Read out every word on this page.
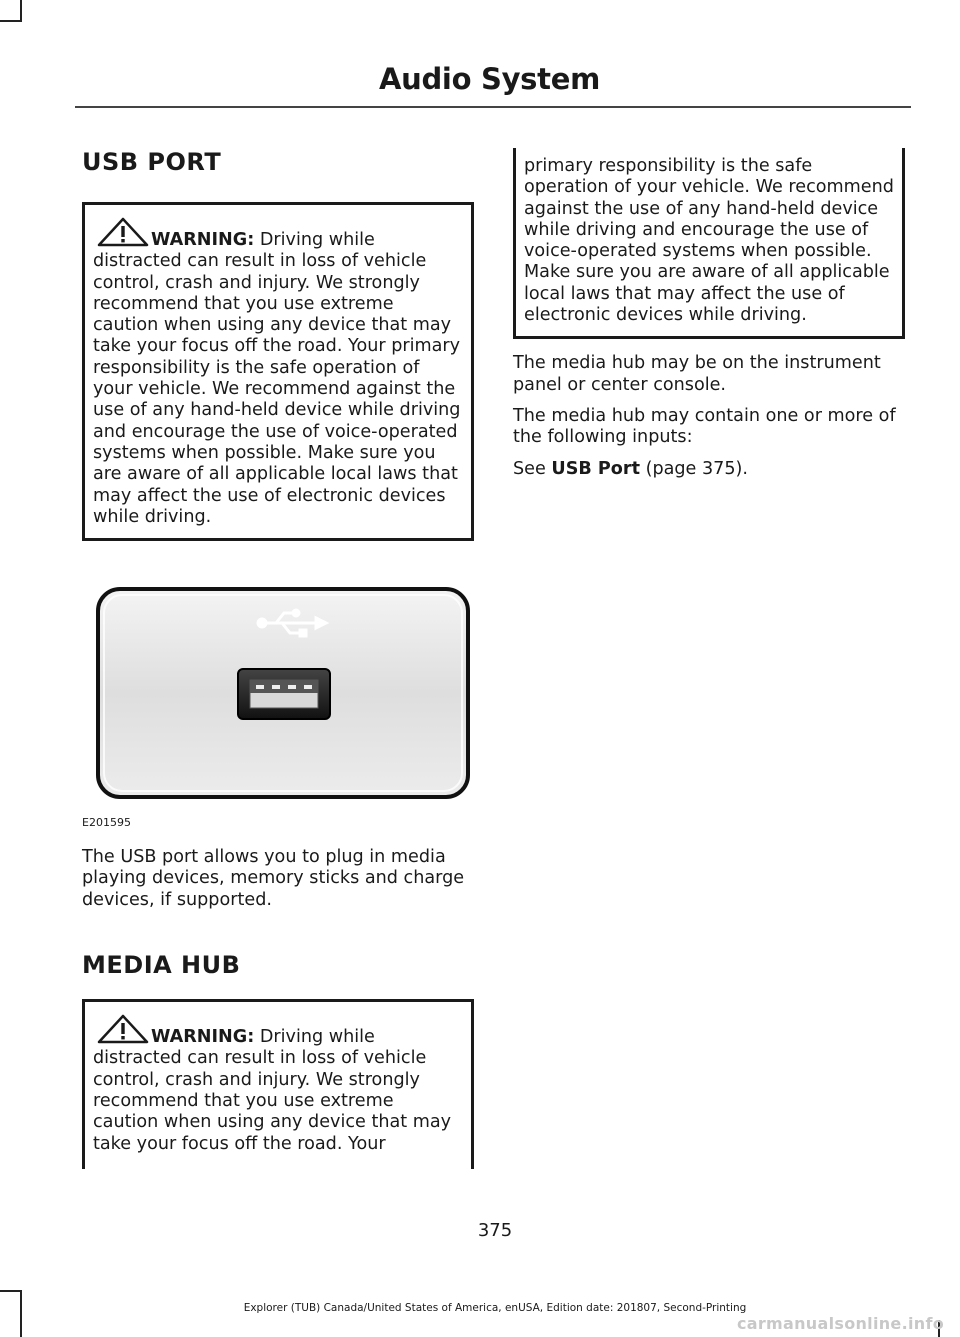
Audio System
USB PORT
WARNING: Driving while distracted can result in loss of vehicle control, crash and injury. We strongly recommend that you use extreme caution when using any device that may take your focus off the road. Your primary responsibility is the safe operation of your vehicle. We recommend against the use of any hand-held device while driving and encourage the use of voice-operated systems when possible. Make sure you are aware of all applicable local laws that may affect the use of electronic devices while driving.
E201595

The USB port allows you to plug in media playing devices, memory sticks and charge devices, if supported.

MEDIA HUB
WARNING: Driving while distracted can result in loss of vehicle control, crash and injury. We strongly recommend that you use extreme caution when using any device that may take your focus off the road. Your
primary responsibility is the safe operation of your vehicle. We recommend against the use of any hand-held device while driving and encourage the use of voice-operated systems when possible. Make sure you are aware of all applicable local laws that may affect the use of electronic devices while driving.

The media hub may be on the instrument panel or center console.

The media hub may contain one or more of the following inputs:

See USB Port (page 375).

375
Explorer (TUB) Canada/United States of America, enUSA, Edition date: 201807, Second-Printing
carmanualsonline.info
